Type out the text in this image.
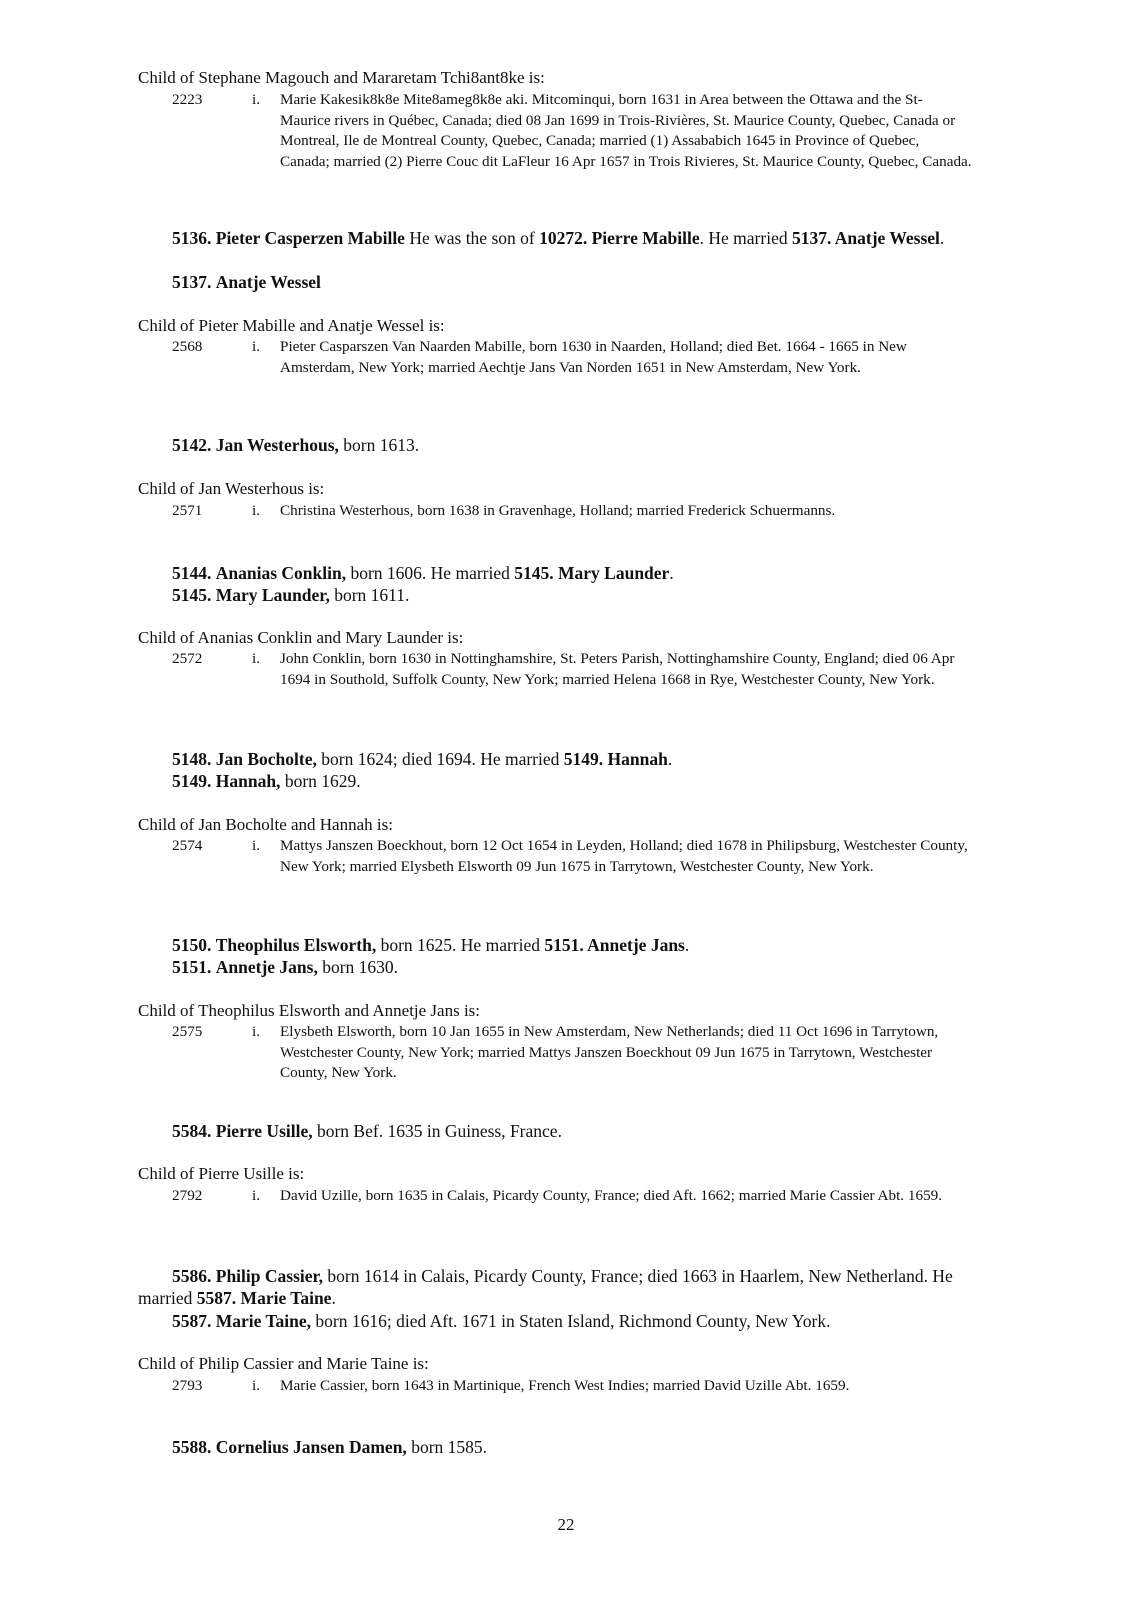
Child of Stephane Magouch and Mararetam Tchi8ant8ke is:
2223	i. Marie Kakesik8k8e Mite8ameg8k8e aki. Mitcominqui, born 1631 in Area between the Ottawa and the St-Maurice rivers in Québec, Canada; died 08 Jan 1699 in Trois-Rivières, St. Maurice County, Quebec, Canada or Montreal, Ile de Montreal County, Quebec, Canada; married (1) Assababich 1645 in Province of Quebec, Canada; married (2) Pierre Couc dit LaFleur 16 Apr 1657 in Trois Rivieres, St. Maurice County, Quebec, Canada.
5136. Pieter Casperzen Mabille He was the son of 10272. Pierre Mabille. He married 5137. Anatje Wessel.
5137. Anatje Wessel
Child of Pieter Mabille and Anatje Wessel is:
2568	i. Pieter Casparszen Van Naarden Mabille, born 1630 in Naarden, Holland; died Bet. 1664 - 1665 in New Amsterdam, New York; married Aechtje Jans Van Norden 1651 in New Amsterdam, New York.
5142. Jan Westerhous, born 1613.
Child of Jan Westerhous is:
2571	i. Christina Westerhous, born 1638 in Gravenhage, Holland; married Frederick Schuermanns.
5144. Ananias Conklin, born 1606. He married 5145. Mary Launder.
5145. Mary Launder, born 1611.
Child of Ananias Conklin and Mary Launder is:
2572	i. John Conklin, born 1630 in Nottinghamshire, St. Peters Parish, Nottinghamshire County, England; died 06 Apr 1694 in Southold, Suffolk County, New York; married Helena 1668 in Rye, Westchester County, New York.
5148. Jan Bocholte, born 1624; died 1694. He married 5149. Hannah.
5149. Hannah, born 1629.
Child of Jan Bocholte and Hannah is:
2574	i. Mattys Janszen Boeckhout, born 12 Oct 1654 in Leyden, Holland; died 1678 in Philipsburg, Westchester County, New York; married Elysbeth Elsworth 09 Jun 1675 in Tarrytown, Westchester County, New York.
5150. Theophilus Elsworth, born 1625. He married 5151. Annetje Jans.
5151. Annetje Jans, born 1630.
Child of Theophilus Elsworth and Annetje Jans is:
2575	i. Elysbeth Elsworth, born 10 Jan 1655 in New Amsterdam, New Netherlands; died 11 Oct 1696 in Tarrytown, Westchester County, New York; married Mattys Janszen Boeckhout 09 Jun 1675 in Tarrytown, Westchester County, New York.
5584. Pierre Usille, born Bef. 1635 in Guiness, France.
Child of Pierre Usille is:
2792	i. David Uzille, born 1635 in Calais, Picardy County, France; died Aft. 1662; married Marie Cassier Abt. 1659.
5586. Philip Cassier, born 1614 in Calais, Picardy County, France; died 1663 in Haarlem, New Netherland. He married 5587. Marie Taine.
5587. Marie Taine, born 1616; died Aft. 1671 in Staten Island, Richmond County, New York.
Child of Philip Cassier and Marie Taine is:
2793	i. Marie Cassier, born 1643 in Martinique, French West Indies; married David Uzille Abt. 1659.
5588. Cornelius Jansen Damen, born 1585.
22
